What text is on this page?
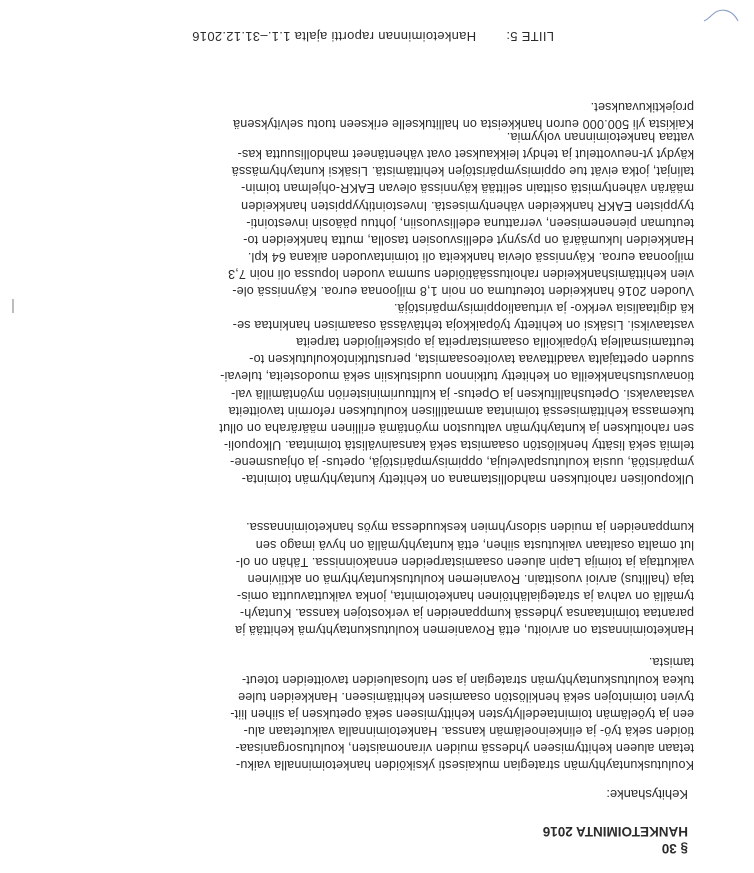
§ 30
HANKETOIMINTA 2016
Kehityshanke:
Koulutuskuntayhtymän strategian mukaisesti yksiköiden hanketoiminnalla vaiku-
tetaan alueen kehittymiseen yhdessä muiden viranomaisten, koulutusorganisaa-
tioiden sekä työ- ja elinkeinoelämän kanssa. Hanketoiminnalla vaikutetaan alu-
een ja työelämän toimintaedellytysten kehittymiseen sekä opetuksen ja siihen liit-
tyvien toimintojen sekä henkilöstön osaamisen kehittämiseen. Hankkeiden tulee
tukea koulutuskuntayhtymän strategian ja sen tulosalueiden tavoitteiden toteut-
tamista.
Hanketoiminnasta on arvioitu, että Rovaniemen koulutuskuntayhtymä kehittää ja
parantaa toimintaansa yhdessä kumppaneiden ja verkostojen kanssa. Kuntayh-
tymällä on vahva ja strategialähtöinen hanketoiminta, jonka vaikuttavuutta omis-
taja (hallitus) arvioi vuosittain. Rovaniemen koulutuskuntayhtymä on aktiivinen
vaikuttaja ja toimija Lapin alueen osaamistarpeiden ennakoinnissa. Tähän on ol-
lut omalta osaltaan vaikutusta siihen, että kuntayhtymällä on hyvä imago sen
kumppaneiden ja muiden sidosryhmien keskuudessa myös hanketoiminnassa.
Ulkopuolisen rahoituksen mahdollistamana on kehitetty kuntayhtymän toiminta-
ympäristöä, uusia koulutuspalveluja, oppimisympäristöjä, opetus- ja ohjausmene-
telmiä sekä lisätty henkilöstön osaamista sekä kansainvälistä toimintaa. Ulkopuoli-
sen rahoituksen ja kuntayhtymän valtuuston myöntämä erillinen määräraha on ollut
tukemassa kehittämisessä toimintaa ammatillisen koulutuksen reformin tavoitteita
vastaavaksi. Opetushallituksen ja Opetus- ja kulttuuriministeriön myöntämillä val-
tionavustushankkeilla on kehitetty tutkinnon uudistuksiin sekä muodosteita, tulevai-
suuden opettajalta vaadittavaa tavoiteosaamista, perustutkintokoulutuksen to-
teuttamismalleja työpaikoilla osaamistarpeita ja opiskelijoiden tarpeita
vastaaviksi. Lisäksi on kehitetty työpaikkoja tehtävässä osaamisen hankintaa se-
kä digitaalisia verkko- ja virtuaalioppimisympäristöjä.
Vuoden 2016 hankkeiden toteutuma on noin 1,8 miljoonaa euroa. Käynnissä ole-
vien kehittämishankkeiden rahoitussäätiöiden summa vuoden lopussa oli noin 7,3
miljoonaa euroa. Käynnissä olevia hankkeita oli toimintavuoden aikana 64 kpl.
Hankkeiden lukumäärä on pysynyt edellisvuosien tasolla, mutta hankkeiden to-
teutuman pienenemiseen, verrattuna edellisvuosiin, johtuu pääosin investointi-
tyyppisten EAKR hankkeiden vähentymisestä. Investointityyppisten hankkeiden
määrän vähentymistä osittain selittää käynnissä olevan EAKR-ohjelman toimin-
talinjat, jotka eivät tue oppimisympäristöjen kehittämistä. Lisäksi kuntayhtymässä
käydyt yt-neuvottelut ja tehdyt leikkaukset ovat vähentäneet mahdollisuutta kas-
vattaa hanketoiminnan volyymia.
Kaikista yli 500.000 euron hankkeista on hallitukselle erikseen tuotu selvityksenä
projektikuvaukset.
LIITE 5:Hanketoiminnan raportti ajalta 1.1.–31.12.2016
